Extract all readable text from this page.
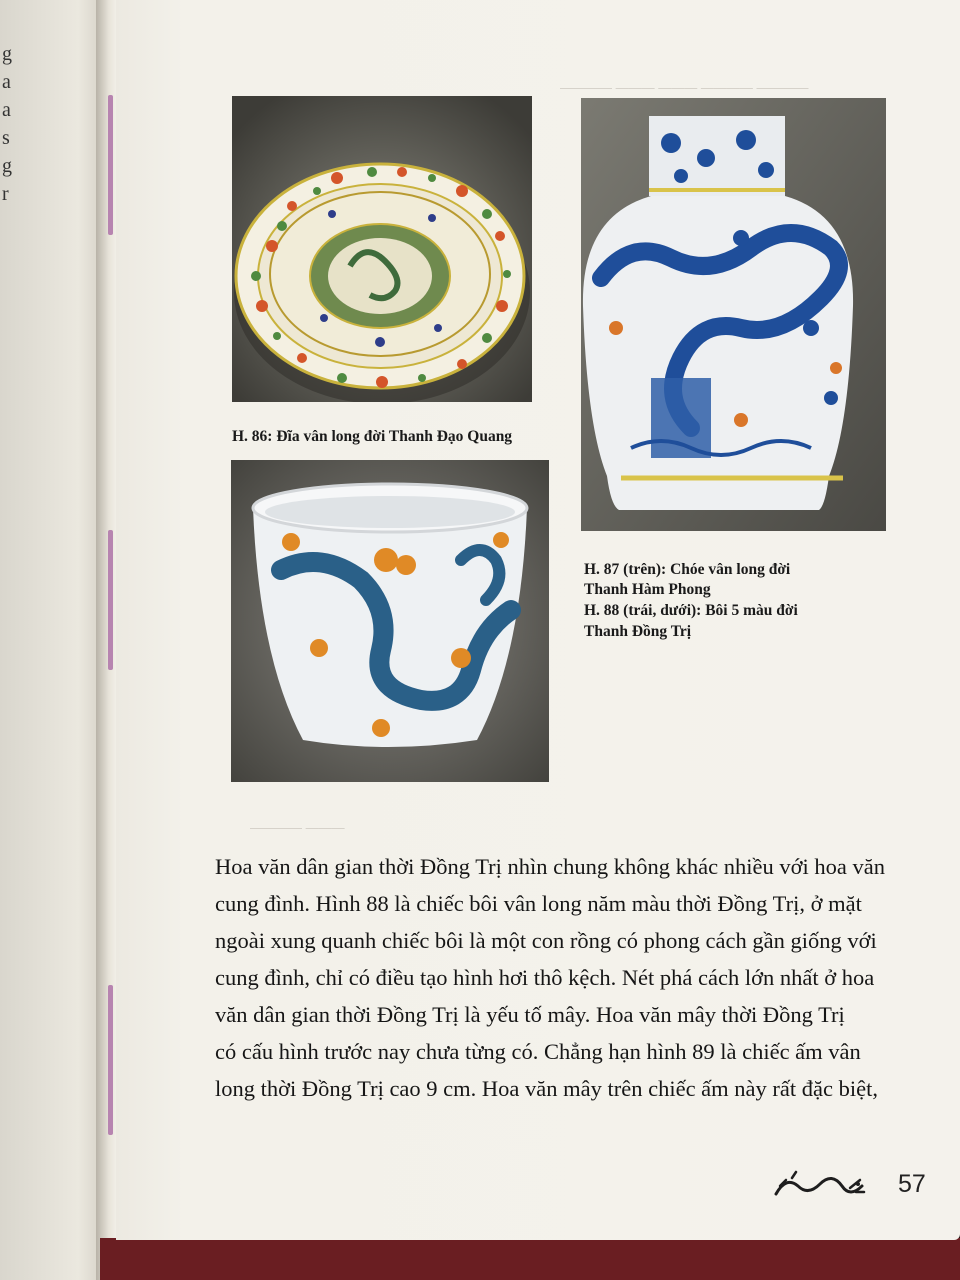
g
a
a
s
g
r
———— ——— ——— ———— ————
———— ———
H. 86: Đĩa vân long đời Thanh Đạo Quang
H. 87 (trên): Chóe vân long đời
Thanh Hàm Phong
H. 88 (trái, dưới): Bôi 5 màu đời
Thanh Đồng Trị
Hoa văn dân gian thời Đồng Trị nhìn chung không khác nhiều với hoa văn
cung đình. Hình 88 là chiếc bôi vân long năm màu thời Đồng Trị, ở mặt
ngoài xung quanh chiếc bôi là một con rồng có phong cách gần giống với
cung đình, chỉ có điều tạo hình hơi thô kệch. Nét phá cách lớn nhất ở hoa
văn dân gian thời Đồng Trị là yếu tố mây. Hoa văn mây thời Đồng Trị
có cấu hình trước nay chưa từng có. Chẳng hạn hình 89 là chiếc ấm vân
long thời Đồng Trị cao 9 cm. Hoa văn mây trên chiếc ấm này rất đặc biệt,
57
